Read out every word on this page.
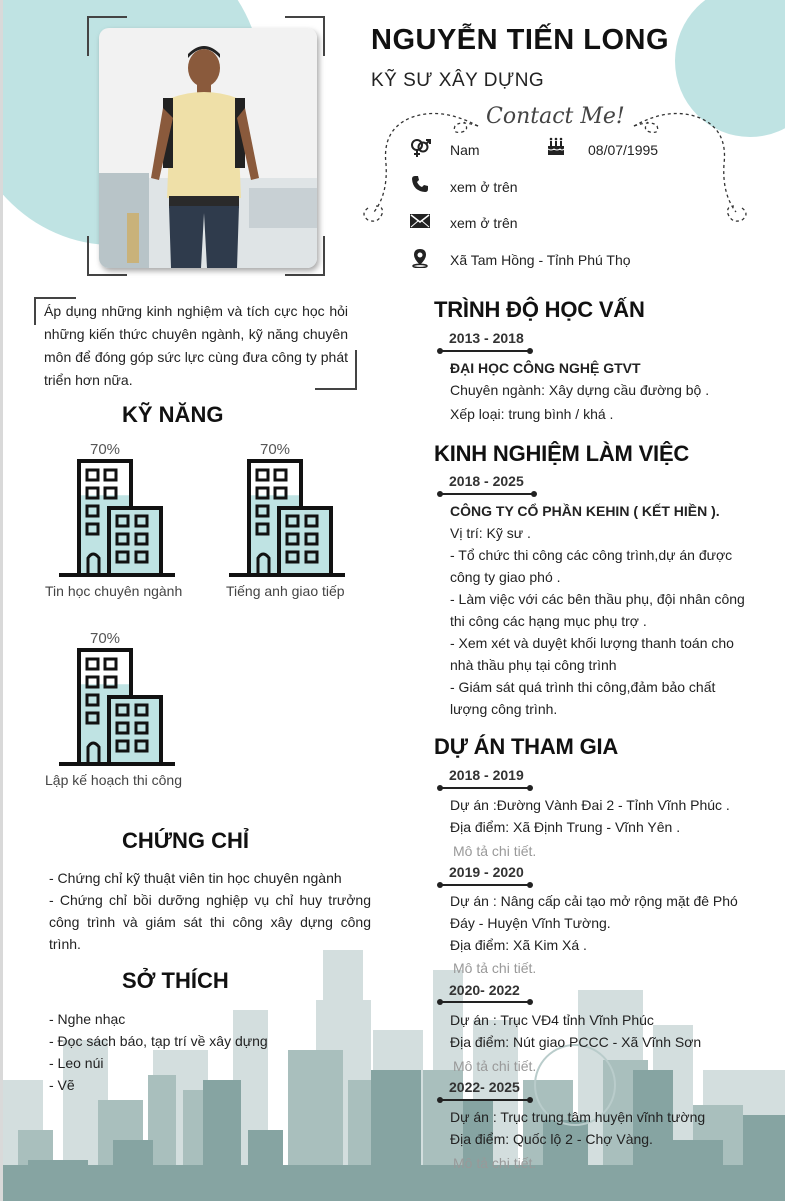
NGUYỄN TIẾN LONG
KỸ SƯ XÂY DỰNG
Contact Me!
Nam	08/07/1995
xem ở trên
xem ở trên
Xã Tam Hồng - Tỉnh Phú Thọ
Áp dụng những kinh nghiệm và tích cực học hỏi những kiến thức chuyên ngành, kỹ năng chuyên môn để đóng góp sức lực cùng đưa công ty phát triển hơn nữa.
KỸ NĂNG
70%
Tin học chuyên ngành
70%
Tiếng anh giao tiếp
70%
Lập kế hoạch thi công
CHỨNG CHỈ
- Chứng chỉ kỹ thuật viên tin học chuyên ngành
- Chứng chỉ bồi dưỡng nghiệp vụ chỉ huy trưởng công trình và giám sát thi công xây dựng công trình.
SỞ THÍCH
- Nghe nhạc
- Đọc sách báo, tạp trí về xây dựng
- Leo núi
- Vẽ
TRÌNH ĐỘ HỌC VẤN
2013 - 2018
ĐẠI HỌC CÔNG NGHỆ GTVT
Chuyên ngành: Xây dựng cầu đường bộ .
Xếp loại: trung bình / khá .
KINH NGHIỆM LÀM VIỆC
2018 - 2025
CÔNG TY CỔ PHẦN KEHIN ( KẾT HIỀN ).
Vị trí: Kỹ sư .
- Tổ chức thi công các công trình,dự án được công ty giao phó .
- Làm việc với các bên thầu phụ, đội nhân công thi công các hạng mục phụ trợ .
- Xem xét và duyệt khối lượng thanh toán cho nhà thầu phụ tại công trình
- Giám sát quá trình thi công,đảm bảo chất lượng công trình.
DỰ ÁN THAM GIA
2018 - 2019
Dự án :Đường Vành Đai 2 - Tỉnh Vĩnh Phúc .
Địa điểm: Xã Định Trung - Vĩnh Yên .
Mô tả chi tiết.
2019 - 2020
Dự án : Nâng cấp cải tạo mở rộng mặt đê Phó Đáy - Huyện Vĩnh Tường.
Địa điểm: Xã Kim Xá .
Mô tả chi tiết.
2020- 2022
Dự án : Trục VĐ4 tỉnh Vĩnh Phúc
Địa điểm: Nút giao PCCC - Xã Vĩnh Sơn
Mô tả chi tiết.
2022- 2025
Dự án : Trục trung tâm huyện vĩnh tường
Địa điểm: Quốc lộ 2 - Chợ Vàng.
Mô tả chi tiết.
